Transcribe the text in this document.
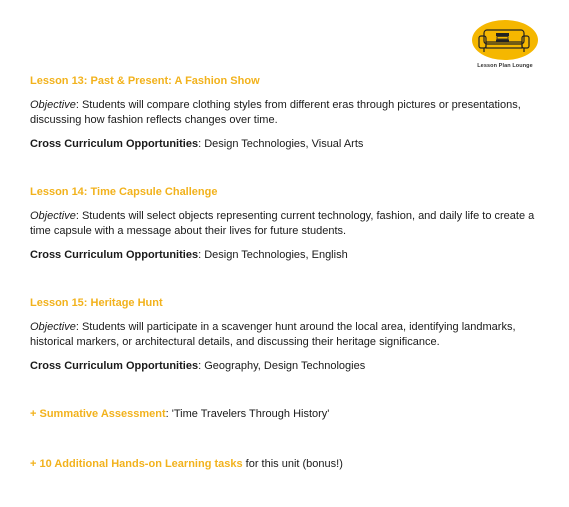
Lesson Plan Lounge

Lesson 13: Past & Present: A Fashion Show

Objective: Students will compare clothing styles from different eras through pictures or presentations, discussing how fashion reflects changes over time.

Cross Curriculum Opportunities: Design Technologies, Visual Arts

Lesson 14: Time Capsule Challenge

Objective: Students will select objects representing current technology, fashion, and daily life to create a time capsule with a message about their lives for future students.

Cross Curriculum Opportunities: Design Technologies, English

Lesson 15: Heritage Hunt

Objective: Students will participate in a scavenger hunt around the local area, identifying landmarks, historical markers, or architectural details, and discussing their heritage significance.

Cross Curriculum Opportunities: Geography, Design Technologies

+ Summative Assessment: 'Time Travelers Through History'

+ 10 Additional Hands-on Learning tasks for this unit (bonus!)
